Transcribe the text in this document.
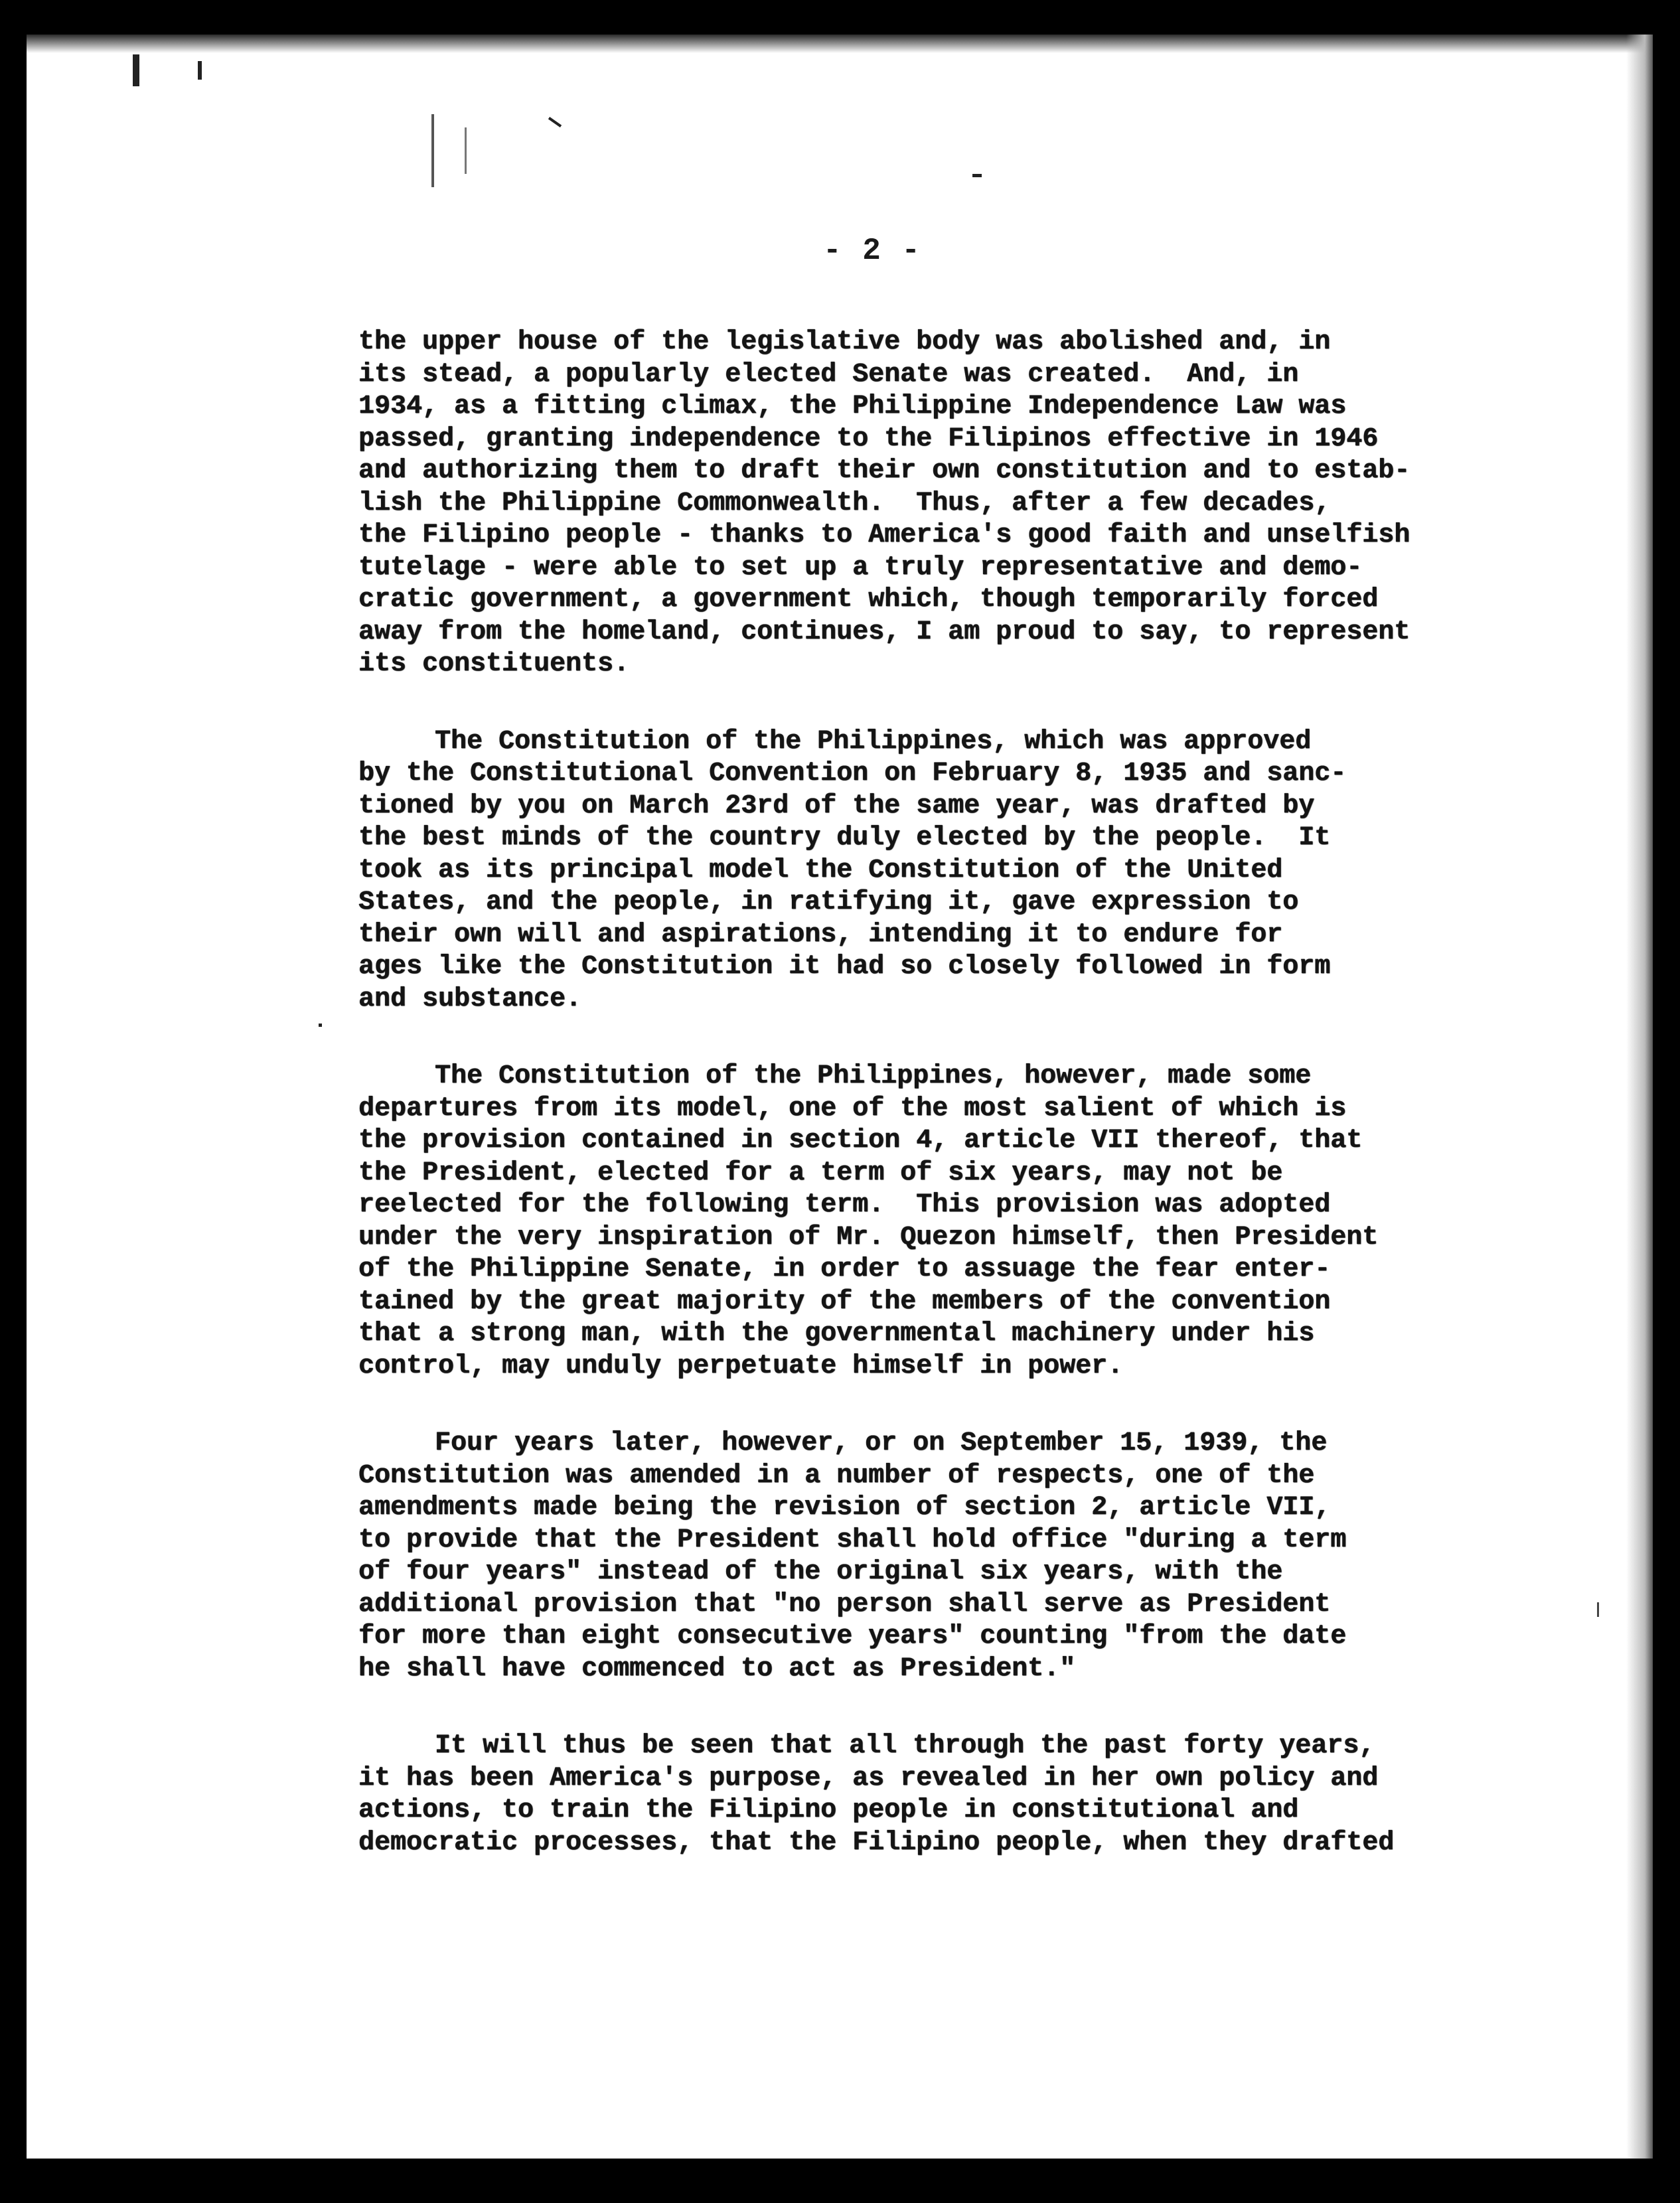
- 2 -
the upper house of the legislative body was abolished and, in
its stead, a popularly elected Senate was created.  And, in
1934, as a fitting climax, the Philippine Independence Law was
passed, granting independence to the Filipinos effective in 1946
and authorizing them to draft their own constitution and to estab-
lish the Philippine Commonwealth.  Thus, after a few decades,
the Filipino people - thanks to America's good faith and unselfish
tutelage - were able to set up a truly representative and demo-
cratic government, a government which, though temporarily forced
away from the homeland, continues, I am proud to say, to represent
its constituents.
The Constitution of the Philippines, which was approved
by the Constitutional Convention on February 8, 1935 and sanc-
tioned by you on March 23rd of the same year, was drafted by
the best minds of the country duly elected by the people.  It
took as its principal model the Constitution of the United
States, and the people, in ratifying it, gave expression to
their own will and aspirations, intending it to endure for
ages like the Constitution it had so closely followed in form
and substance.
The Constitution of the Philippines, however, made some
departures from its model, one of the most salient of which is
the provision contained in section 4, article VII thereof, that
the President, elected for a term of six years, may not be
reelected for the following term.  This provision was adopted
under the very inspiration of Mr. Quezon himself, then President
of the Philippine Senate, in order to assuage the fear enter-
tained by the great majority of the members of the convention
that a strong man, with the governmental machinery under his
control, may unduly perpetuate himself in power.
Four years later, however, or on September 15, 1939, the
Constitution was amended in a number of respects, one of the
amendments made being the revision of section 2, article VII,
to provide that the President shall hold office "during a term
of four years" instead of the original six years, with the
additional provision that "no person shall serve as President
for more than eight consecutive years" counting "from the date
he shall have commenced to act as President."
It will thus be seen that all through the past forty years,
it has been America's purpose, as revealed in her own policy and
actions, to train the Filipino people in constitutional and
democratic processes, that the Filipino people, when they drafted
